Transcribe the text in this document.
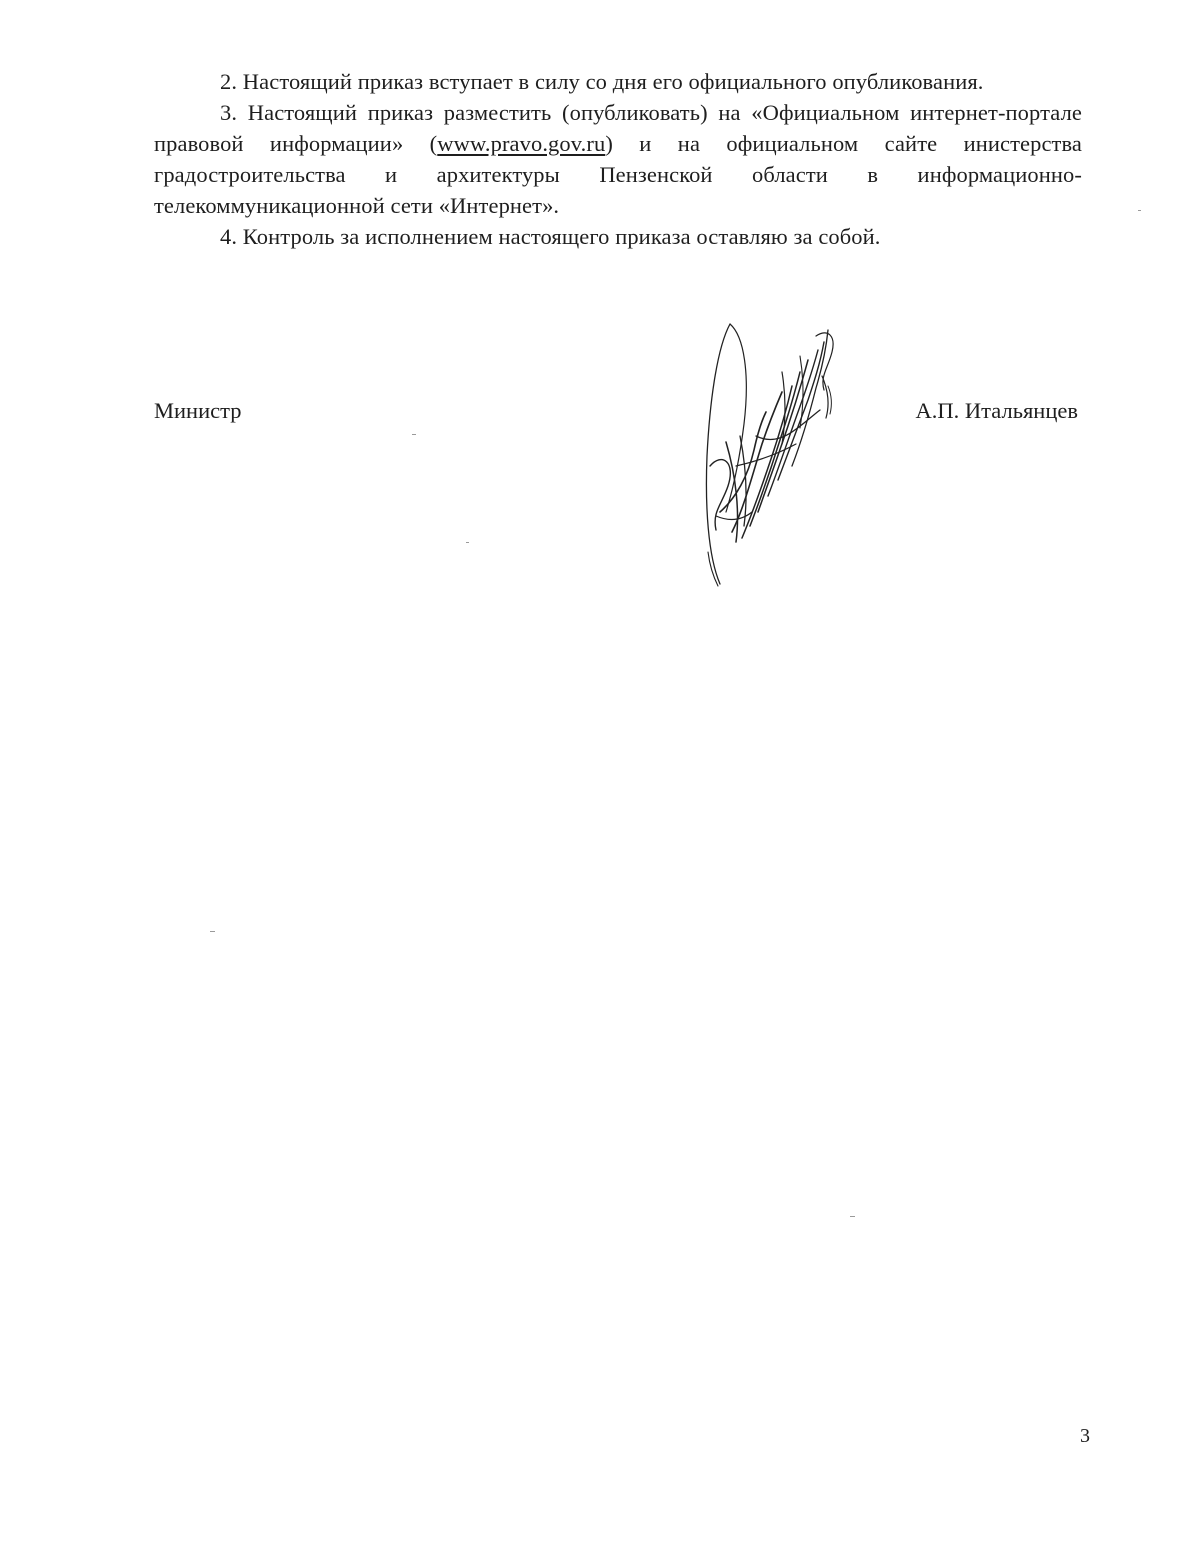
2. Настоящий приказ вступает в силу со дня его официального опубликования.

3. Настоящий приказ разместить (опубликовать) на «Официальном интернет-портале правовой информации» (www.pravo.gov.ru) и на официальном сайте инистерства градостроительства и архитектуры Пензенской области в информационно-телекоммуникационной сети «Интернет».

4. Контроль за исполнением настоящего приказа оставляю за собой.

Министр	А.П. Итальянцев
3
